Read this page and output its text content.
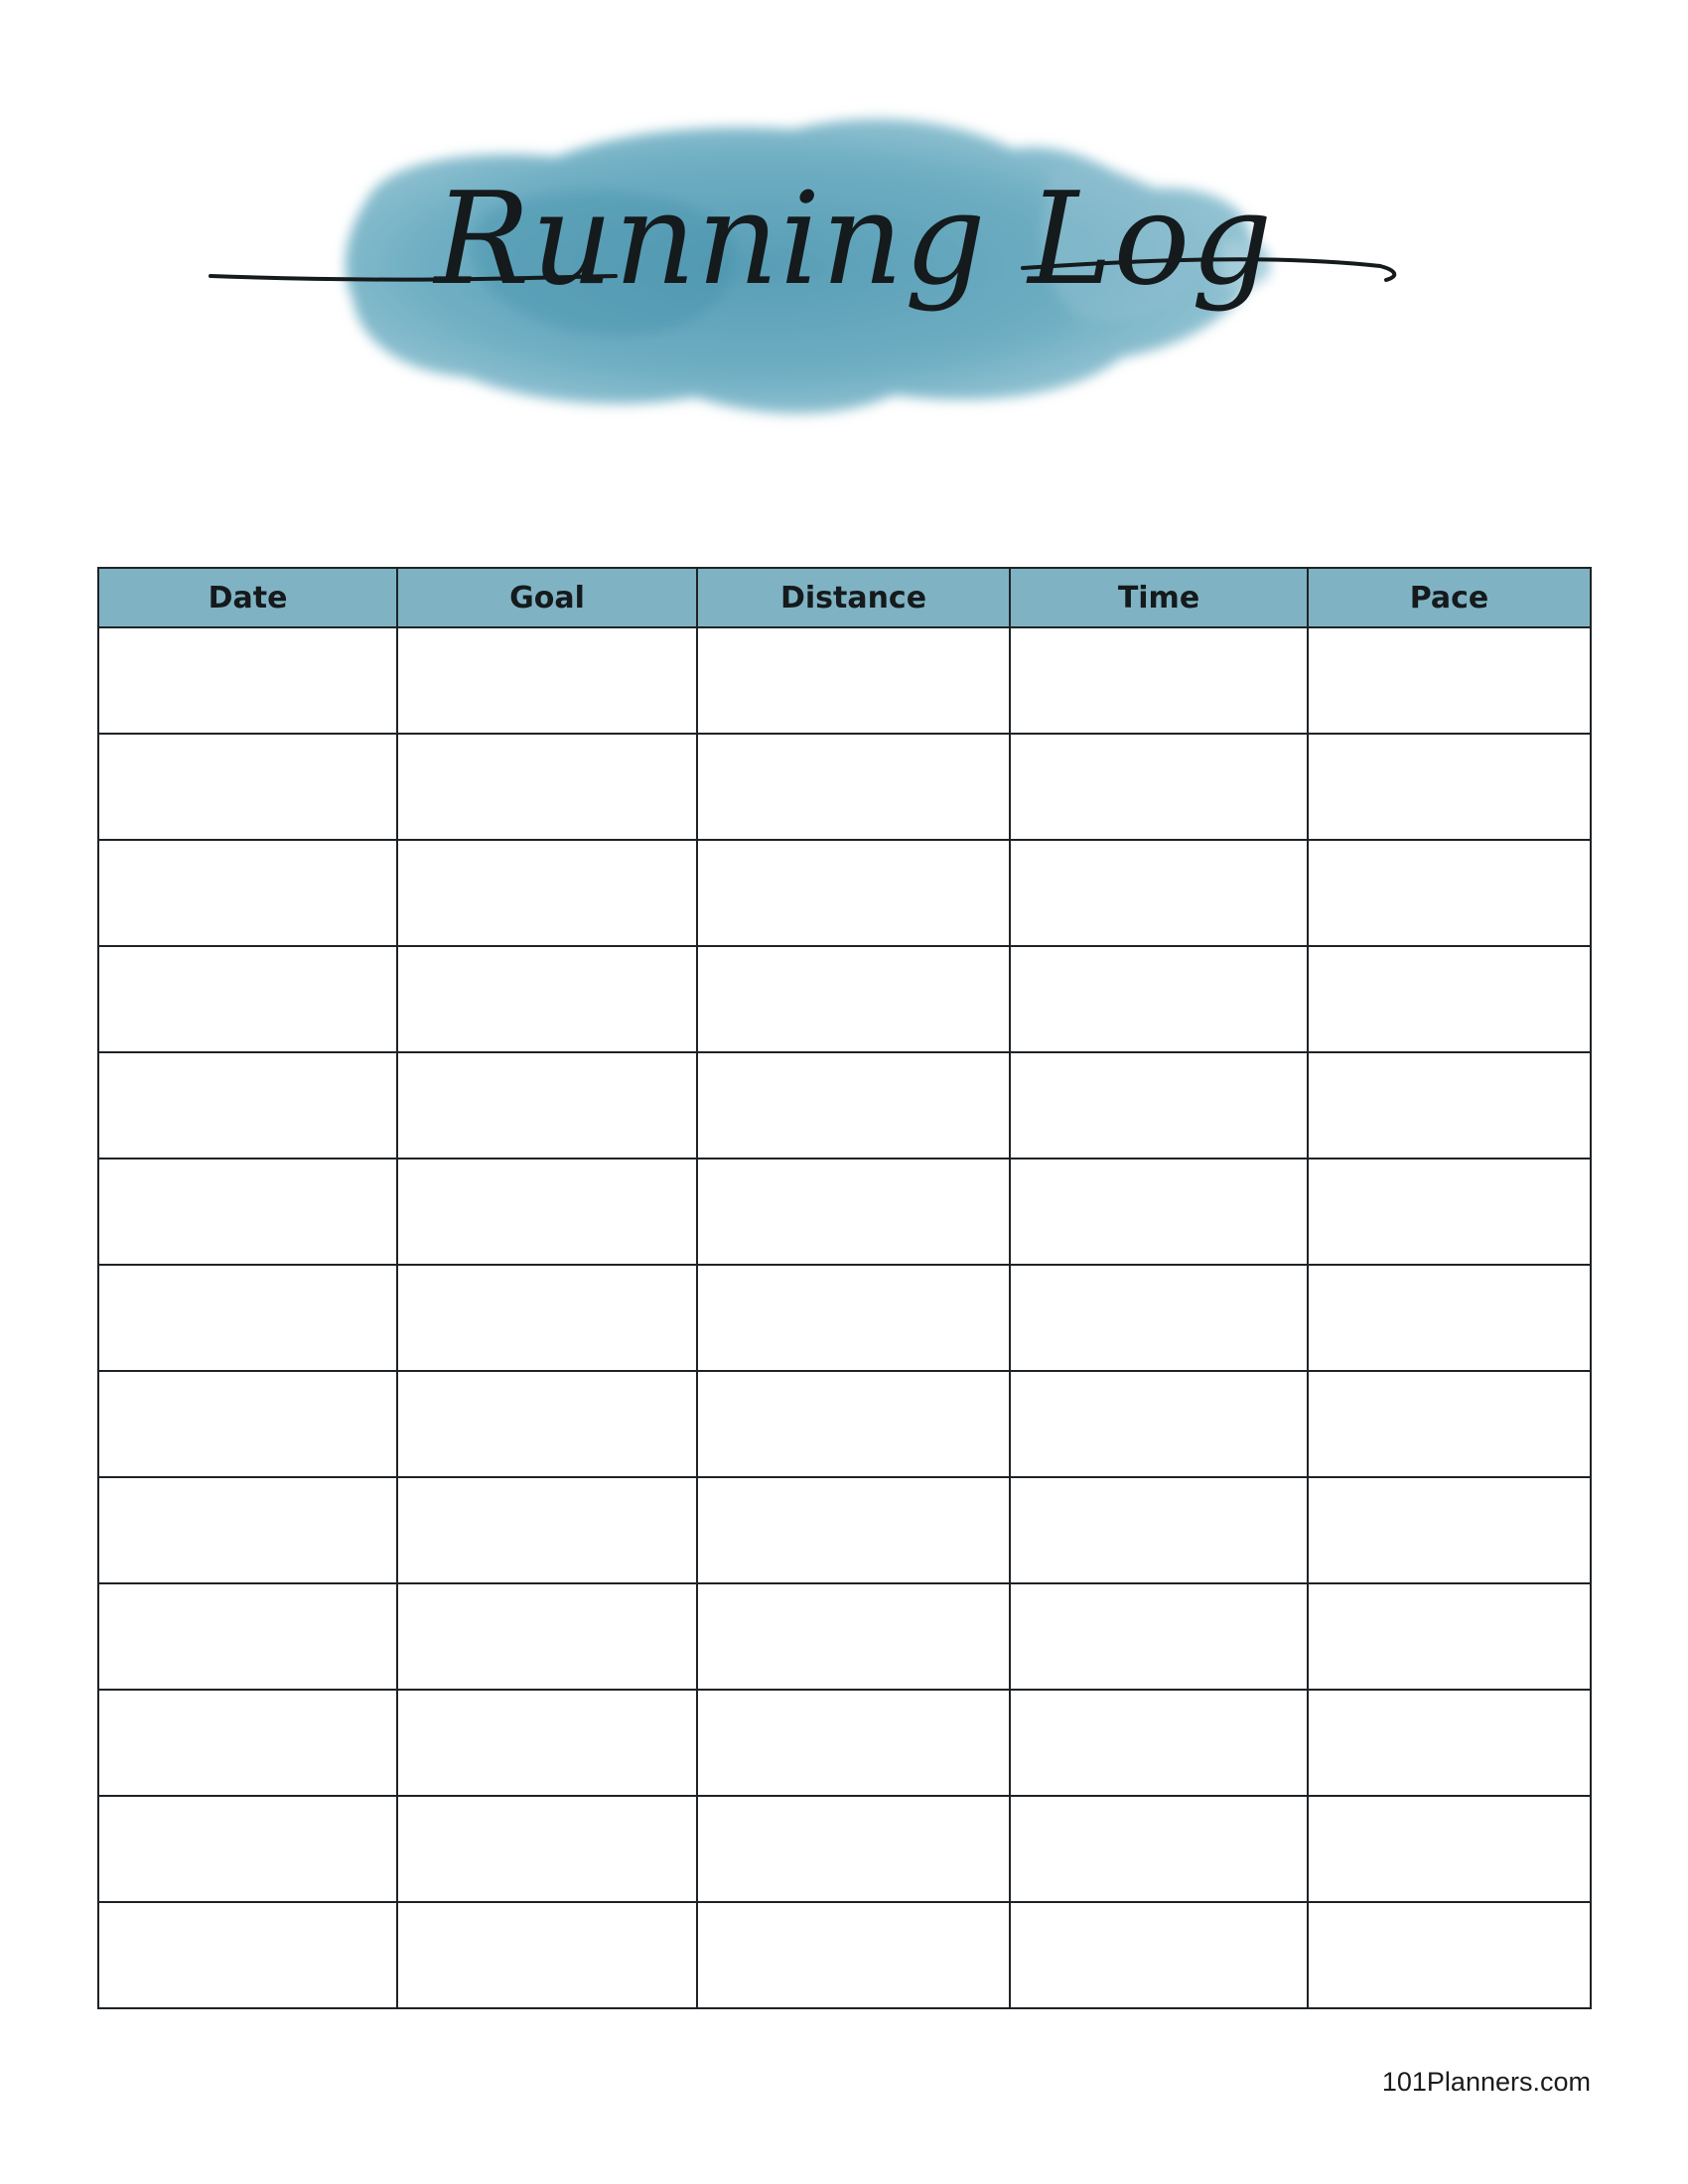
Running Log
Date	Goal	Distance	Time	Pace

101Planners.com
